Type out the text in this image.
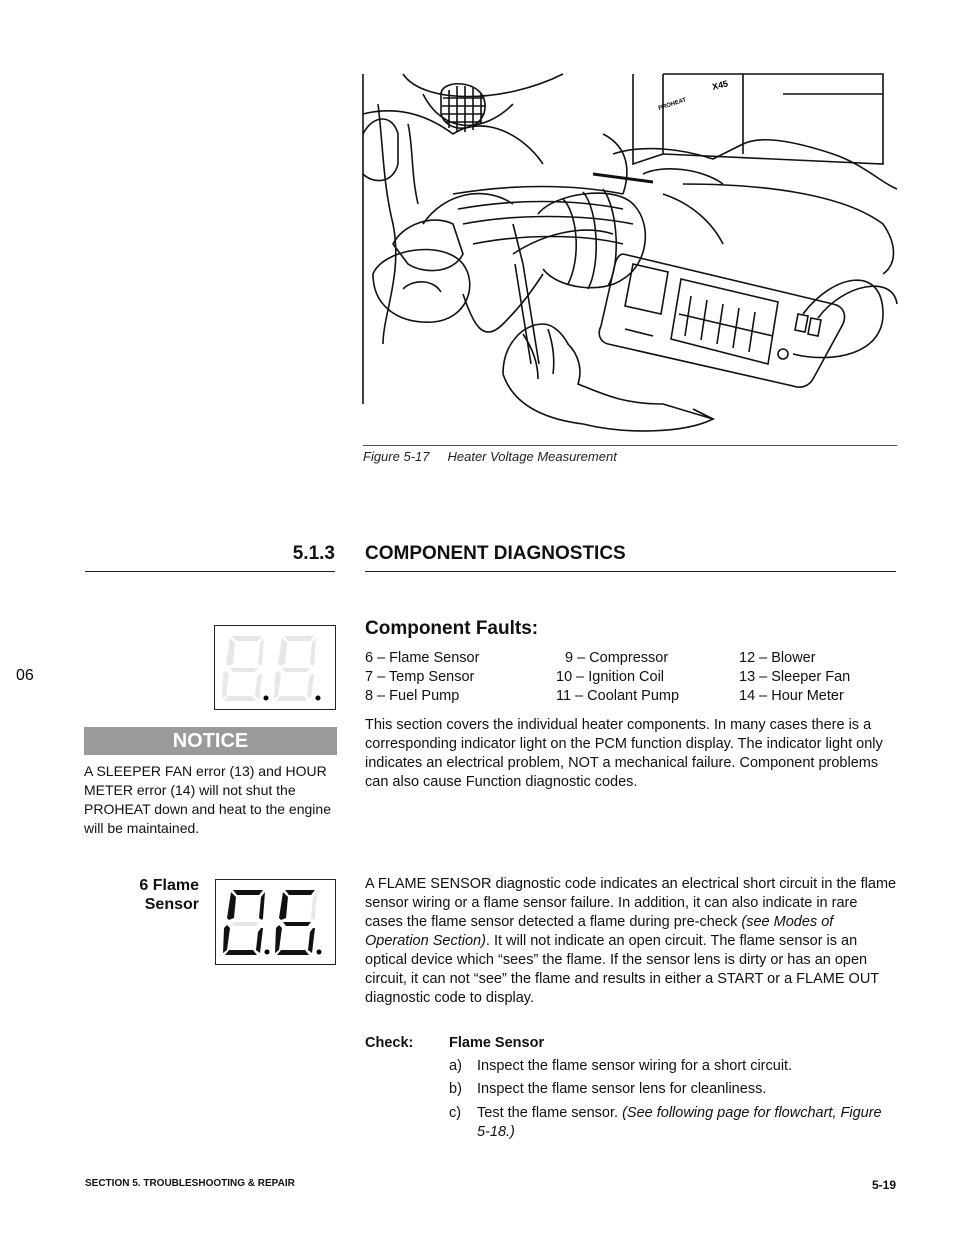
X45
PROHEAT
Figure 5-17 Heater Voltage Measurement
5.1.3 COMPONENT DIAGNOSTICS
NOTICE
A SLEEPER FAN error (13) and HOUR METER error (14) will not shut the PROHEAT down and heat to the engine will be maintained.
Component Faults:
6 – Flame Sensor	9 – Compressor	12 – Blower
7 – Temp Sensor	10 – Ignition Coil	13 – Sleeper Fan
8 – Fuel Pump	11 – Coolant Pump	14 – Hour Meter
This section covers the individual heater components. In many cases there is a corresponding indicator light on the PCM function display. The indicator light only indicates an electrical problem, NOT a mechanical failure. Component problems can also cause Function diagnostic codes.
6 Flame
Sensor
06
A FLAME SENSOR diagnostic code indicates an electrical short circuit in the flame sensor wiring or a flame sensor failure. In addition, it can also indicate in rare cases the flame sensor detected a flame during pre-check (see Modes of Operation Section). It will not indicate an open circuit. The flame sensor is an optical device which “sees” the flame. If the sensor lens is dirty or has an open circuit, it can not “see” the flame and results in either a START or a FLAME OUT diagnostic code to display.
Check: Flame Sensor
a) Inspect the flame sensor wiring for a short circuit.
b) Inspect the flame sensor lens for cleanliness.
c) Test the flame sensor. (See following page for flowchart, Figure 5-18.)
SECTION 5. TROUBLESHOOTING & REPAIR	5-19
